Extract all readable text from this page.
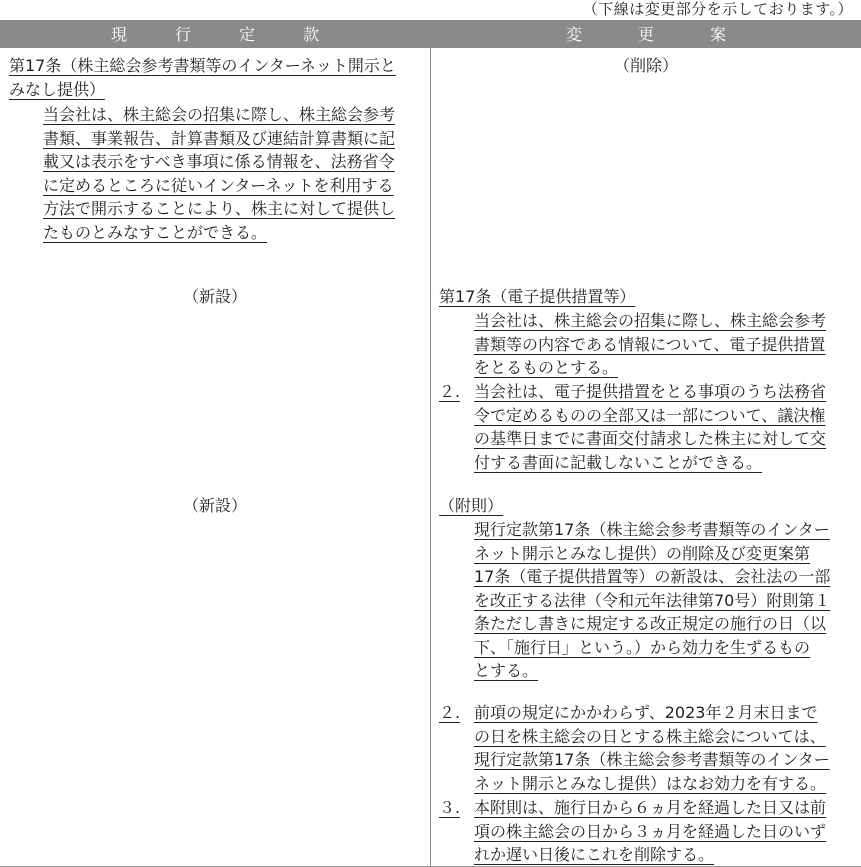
（下線は変更部分を示しております。）
現行定款	変更案
第17条（株主総会参考書類等のインターネット開示と
みなし提供）
当会社は、株主総会の招集に際し、株主総会参考
書類、事業報告、計算書類及び連結計算書類に記
載又は表示をすべき事項に係る情報を、法務省令
に定めるところに従いインターネットを利用する
方法で開示することにより、株主に対して提供し
たものとみなすことができる。
（新設）
（新設）
（削除）
第17条（電子提供措置等）
当会社は、株主総会の招集に際し、株主総会参考
書類等の内容である情報について、電子提供措置
をとるものとする。
２. 当会社は、電子提供措置をとる事項のうち法務省
令で定めるものの全部又は一部について、議決権
の基準日までに書面交付請求した株主に対して交
付する書面に記載しないことができる。
（附則）
現行定款第17条（株主総会参考書類等のインター
ネット開示とみなし提供）の削除及び変更案第
17条（電子提供措置等）の新設は、会社法の一部
を改正する法律（令和元年法律第70号）附則第１
条ただし書きに規定する改正規定の施行の日（以
下、「施行日」という。）から効力を生ずるもの
とする。
２. 前項の規定にかかわらず、2023年２月末日まで
の日を株主総会の日とする株主総会については、
現行定款第17条（株主総会参考書類等のインター
ネット開示とみなし提供）はなお効力を有する。
３. 本附則は、施行日から６ヵ月を経過した日又は前
項の株主総会の日から３ヵ月を経過した日のいず
れか遅い日後にこれを削除する。
